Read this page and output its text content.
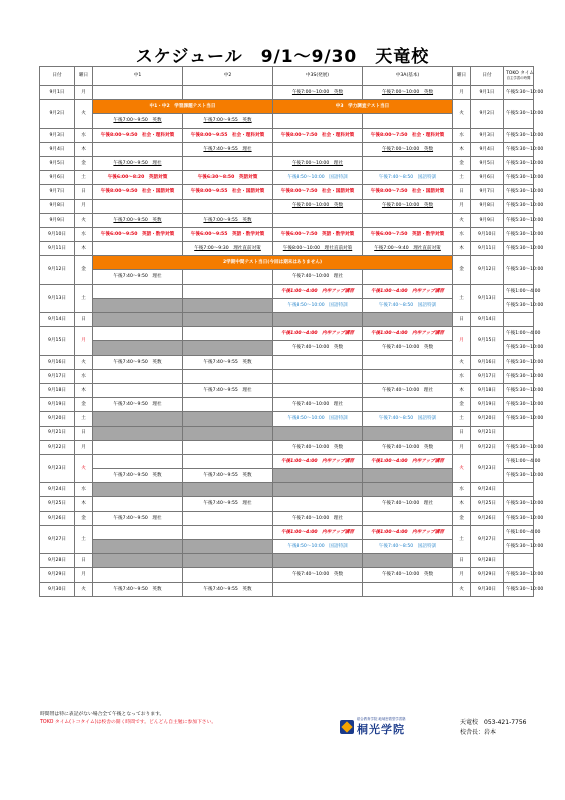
スケジュール　9/1～9/30　天竜校
日付	曜日	中1	中2	中3S(発展)	中3A(基本)	曜日	日付	TOKO タイム
自主学習の時間

9月1日	月			午後7:00～10:00　英数	午後7:00～10:00　英数	月	9月1日	午後5:30～10:00
9月2日	火	中1・中2　学習課題テスト当日		中3　学力調査テスト当日		火	9月2日	午後5:30～10:00
		午後7:00～9:50　英数	午後7:00～9:55　英数					
9月3日	水	午後8:00～9:50　社会・理科対策	午後8:00～9:55　社会・理科対策	午後8:00～7:50　社会・理科対策	午後8:00～7:50　社会・理科対策	水	9月3日	午後5:30～10:00
9月4日	木		午後7:40～9:55　理社		午後7:00～10:00　英数	木	9月4日	午後5:30～10:00
9月5日	金	午後7:00～9:50　理社		午後7:00～10:00　理社		金	9月5日	午後5:30～10:00
9月6日	土	午後6:00～8:20　英語対策	午後6:30～8:50　英語対策	午後8:50～10:00　国語特訓	午後7:40～8:50　国語特訓	土	9月6日	午後5:30～10:00
9月7日	日	午後8:00～9:50　社会・国語対策	午後8:00～9:55　社会・国語対策	午後8:00～7:50　社会・国語対策	午後8:00～7:50　社会・国語対策	日	9月7日	午後5:30～10:00
9月8日	月			午後7:00～10:00　英数	午後7:00～10:00　英数	月	9月8日	午後5:30～10:00
9月9日	火	午後7:00～9:50　英数	午後7:00～9:55　英数			火	9月9日	午後5:30～10:00
9月10日	水	午後6:00～9:50　英語・数学対策	午後6:00～9:55　英語・数学対策	午後6:00～7:50　英語・数学対策	午後6:00～7:50　英語・数学対策	水	9月10日	午後5:30～10:00
9月11日	木		午後7:00～9:30　理社直前対策	午後8:00～10:00　理社直前対策	午後7:00～9:40　理社直前対策	木	9月11日	午後5:30～10:00
9月12日	金	2学期中間テスト当日(今回は期末はありません)				金	9月12日	午後5:30～10:00
		午後7:40～9:50　理社		午後7:40～10:00　理社				
9月13日	土			午後1:00～4:00　内申アップ講習	午後1:00～4:00　内申アップ講習	土	9月13日	午後1:00～4:00
				午後8:50～10:00　国語特訓	午後7:40～8:50　国語特訓			午後5:30～10:00
9月14日	日					日	9月14日	
9月15日	月			午後1:00～4:00　内申アップ講習	午後1:00～4:00　内申アップ講習	月	9月15日	午後1:00～4:00
				午後7:40～10:00　英数	午後7:40～10:00　英数			午後5:30～10:00
9月16日	火	午後7:40～9:50　英数	午後7:40～9:55　英数			火	9月16日	午後5:30～10:00
9月17日	水					水	9月17日	午後5:30～10:00
9月18日	木		午後7:40～9:55　理社		午後7:40～10:00　理社	木	9月18日	午後5:30～10:00
9月19日	金	午後7:40～9:50　理社		午後7:40～10:00　理社		金	9月19日	午後5:30～10:00
9月20日	土			午後8:50～10:00　国語特訓	午後7:40～8:50　国語特訓	土	9月20日	午後5:30～10:00
9月21日	日					日	9月21日	
9月22日	月			午後7:40～10:00　英数	午後7:40～10:00　英数	月	9月22日	午後5:30～10:00
9月23日	火			午後1:00～4:00　内申アップ講習	午後1:00～4:00　内申アップ講習	火	9月23日	午後1:00～4:00
		午後7:40～9:50　英数	午後7:40～9:55　英数					午後5:30～10:00
9月24日	水					水	9月24日	
9月25日	木		午後7:40～9:55　理社		午後7:40～10:00　理社	木	9月25日	午後5:30～10:00
9月26日	金	午後7:40～9:50　理社		午後7:40～10:00　理社		金	9月26日	午後5:30～10:00
9月27日	土			午後1:00～4:00　内申アップ講習	午後1:00～4:00　内申アップ講習	土	9月27日	午後1:00～4:00
				午後8:50～10:00　国語特訓	午後7:40～8:50　国語特訓			午後5:30～10:00
9月28日	日					日	9月28日	
9月29日	月			午後7:40～10:00　英数	午後7:40～10:00　英数	月	9月29日	午後5:30～10:00
9月30日	火	午後7:40～9:50　英数	午後7:40～9:55　英数			火	9月30日	午後5:30～10:00
時間帯は特に表記がない場合全て午後となっております。
TOKO タイム(トコタイム)は校舎の開く時間です。どんどん自主勉に参加下さい。
総合教育学院 地域密着型学習塾
桐光学院
天竜校　053-421-7756
校舎長：岩本
